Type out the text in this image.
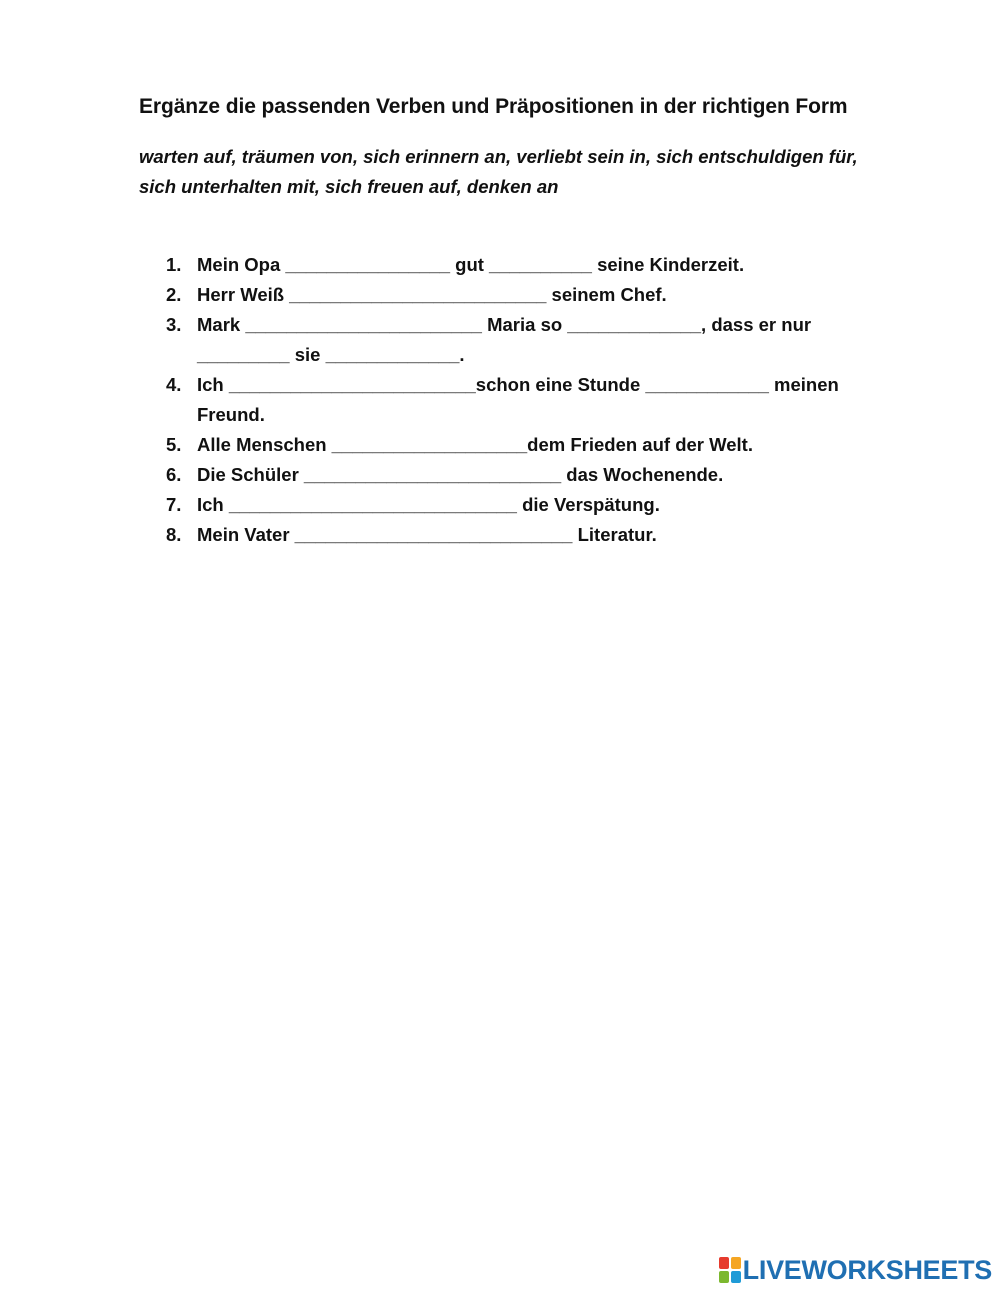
Ergänze die passenden Verben und Präpositionen in der richtigen Form
warten auf, träumen von, sich erinnern an, verliebt sein in, sich entschuldigen für,
sich unterhalten mit, sich freuen auf, denken an
1. Mein Opa ________________ gut __________ seine Kinderzeit.
2. Herr Weiß _________________________ seinem Chef.
3. Mark _______________________ Maria so _____________, dass er nur
_________ sie _____________.
4. Ich ________________________schon eine Stunde ____________ meinen
Freund.
5. Alle Menschen ___________________dem Frieden auf der Welt.
6. Die Schüler _________________________ das Wochenende.
7. Ich ____________________________ die Verspätung.
8. Mein Vater ___________________________ Literatur.
LIVEWORKSHEETS
